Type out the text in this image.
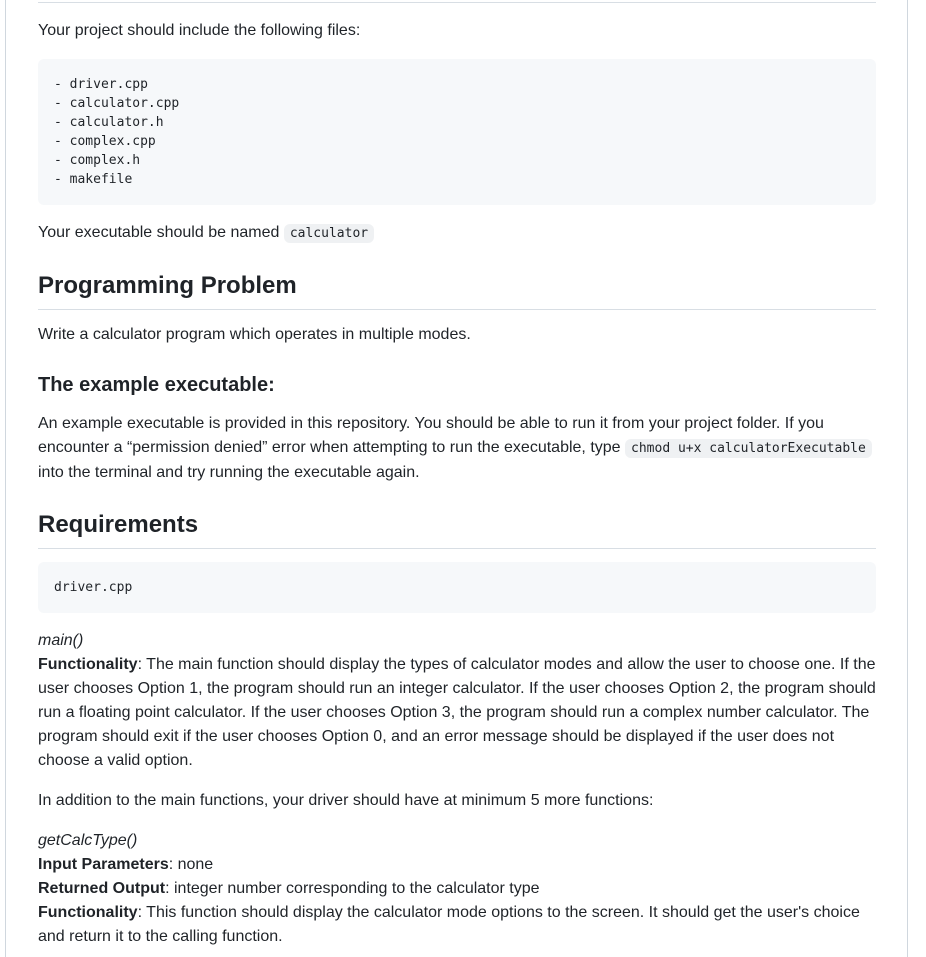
Your project should include the following files:

- driver.cpp
- calculator.cpp
- calculator.h
- complex.cpp
- complex.h
- makefile

Your executable should be named calculator

Programming Problem

Write a calculator program which operates in multiple modes.

The example executable:

An example executable is provided in this repository. You should be able to run it from your project folder. If you encounter a “permission denied” error when attempting to run the executable, type chmod u+x calculatorExecutable into the terminal and try running the executable again.

Requirements
driver.cpp

main()
Functionality: The main function should display the types of calculator modes and allow the user to choose one. If the user chooses Option 1, the program should run an integer calculator. If the user chooses Option 2, the program should run a floating point calculator. If the user chooses Option 3, the program should run a complex number calculator. The program should exit if the user chooses Option 0, and an error message should be displayed if the user does not choose a valid option.

In addition to the main functions, your driver should have at minimum 5 more functions:

getCalcType()
Input Parameters: none
Returned Output: integer number corresponding to the calculator type
Functionality: This function should display the calculator mode options to the screen. It should get the user's choice and return it to the calling function.
